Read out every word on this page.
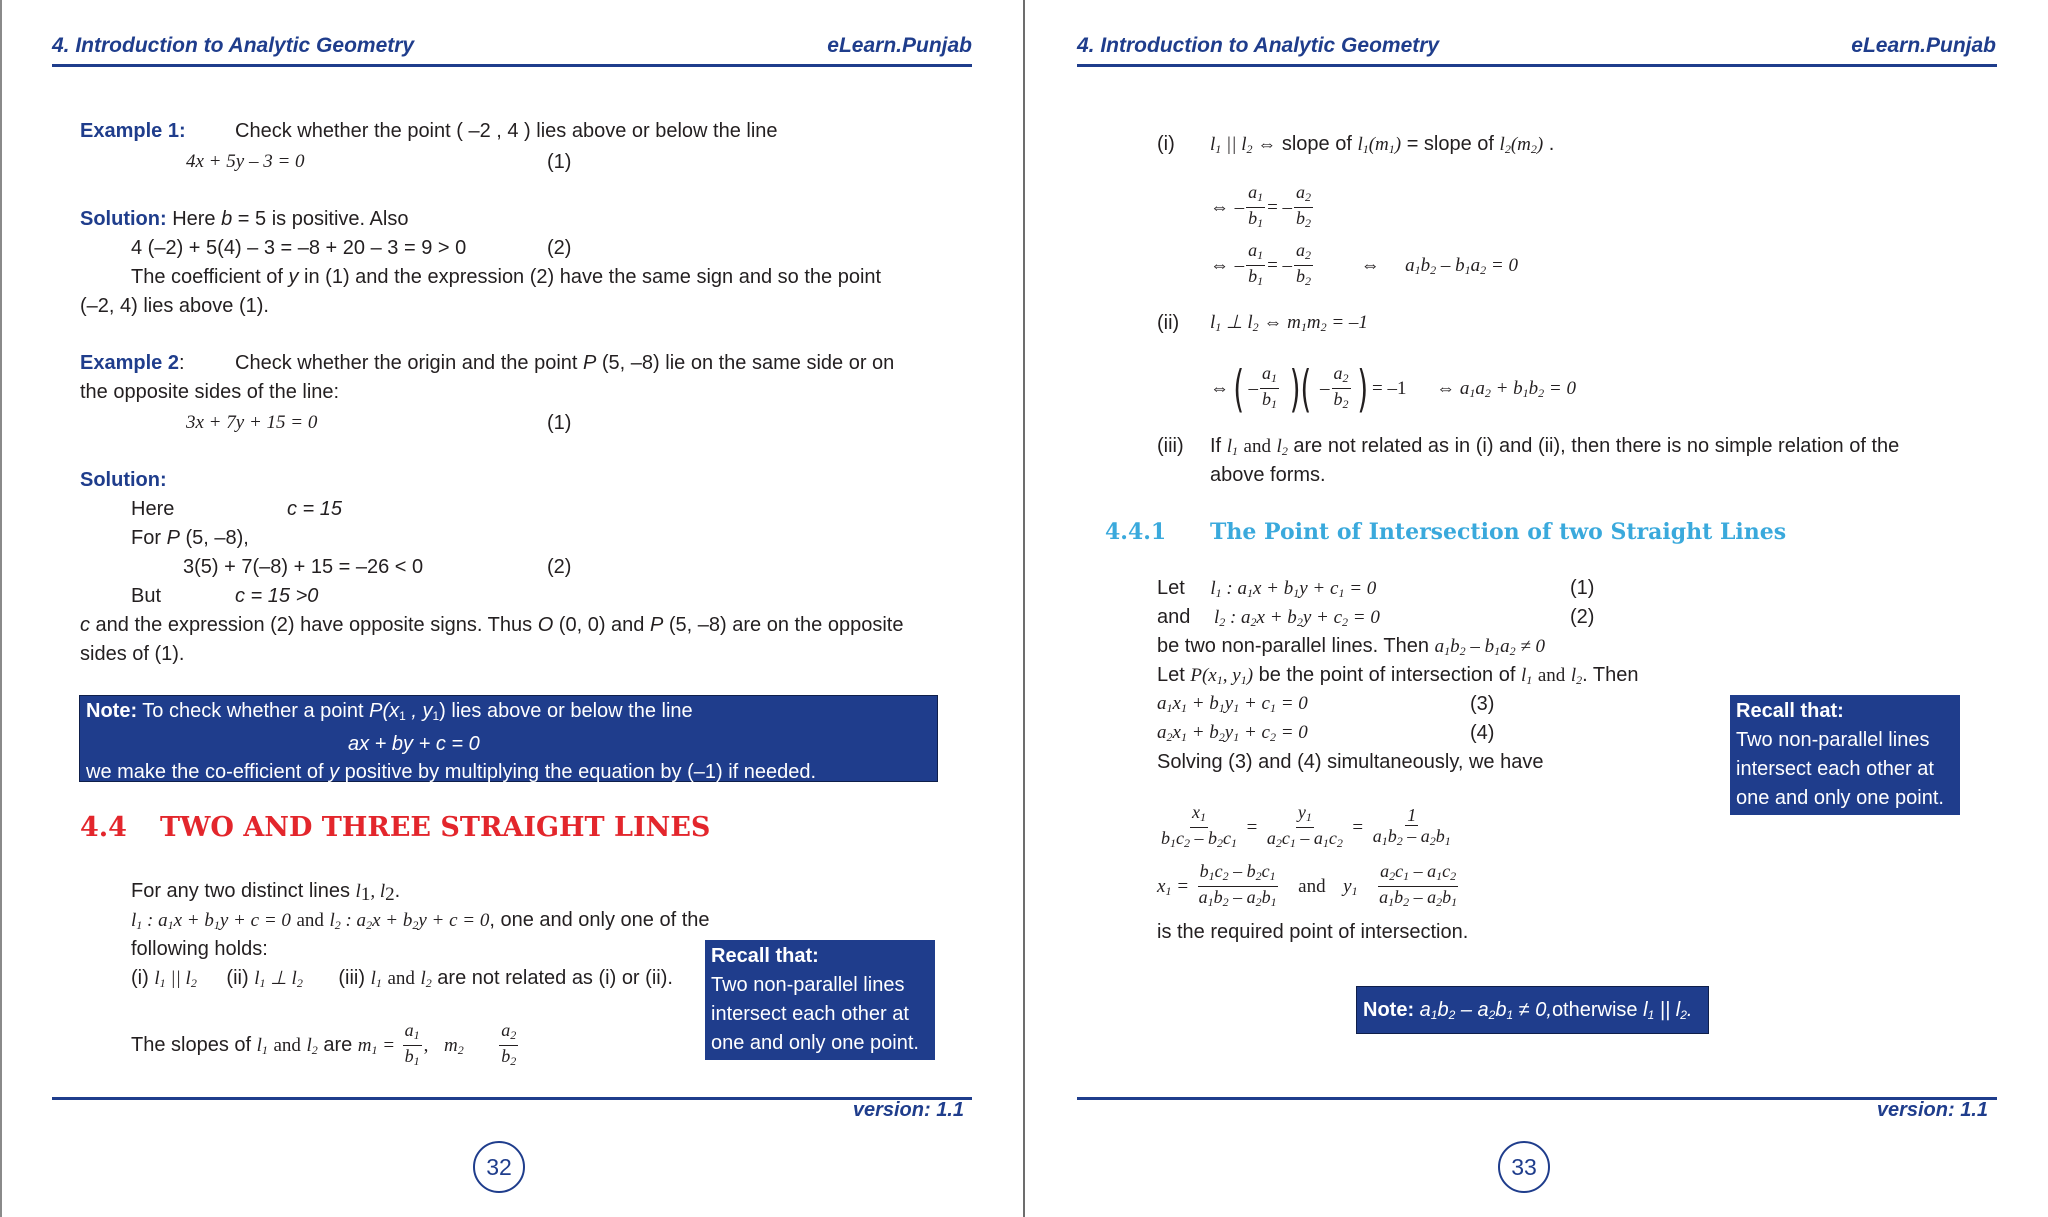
4. Introduction to Analytic Geometry	eLearn.Punjab
Example 1: Check whether the point ( –2 , 4 ) lies above or below the line
4x + 5y – 3 = 0	(1)
Solution: Here b = 5 is positive. Also
4 (–2) + 5(4) – 3 = –8 + 20 – 3 = 9 > 0	(2)
The coefficient of y in (1) and the expression (2) have the same sign and so the point
(–2, 4) lies above (1).
Example 2:	Check whether the origin and the point P (5, –8) lie on the same side or on
the opposite sides of the line:
3x + 7y + 15 = 0	(1)
Solution:
Here	c = 15
For P (5, –8),
3(5) + 7(–8) + 15 = –26 < 0	(2)
But	c = 15 >0
c and the expression (2) have opposite signs. Thus O (0, 0) and P (5, –8) are on the opposite
sides of (1).
Note: To check whether a point $P(x_1$ , $y_1$) lies above or below the line
ax + by + c = 0
we make the co-efficient of y positive by multiplying the equation by (–1) if needed.
4.4 TWO AND THREE STRAIGHT LINES
For any two distinct lines $l_1$, $l_2$.
$l_1$ : $a_1x + b_1y + c = 0$ and $l_2$ : $a_2x + b_2y + c = 0$, one and only one of the
following holds:
(i) $l_1$ || $l_2$ (ii) $l_1$ ⊥ $l_2$ (iii) $l_1$ and $l_2$ are not related as (i) or (ii).
The slopes of $l_1$ and $l_2$ are $m_1 = \frac{a_1}{b_1}$ , $m_2 \frac{a_2}{b_2}$
Recall that:
Two non-parallel lines
intersect each other at
one and only one point.
version: 1.1
32
4. Introduction to Analytic Geometry	eLearn.Punjab
(i) $l_1$ || $l_2$ ⇔ slope of $l_1(m_1)$ = slope of $l_2(m_2)$ .
⇔ – $\frac{a_1}{b_1}$ = – $\frac{a_2}{b_2}$
⇔ – $\frac{a_1}{b_1}$ = – $\frac{a_2}{b_2}$	⇔ $a_1b_2 - b_1a_2 = 0$
(ii) $l_1$ ⊥ $l_2$ ⇔ $m_1m_2 = -1$
⇔( – $\frac{a_1}{b_1}$ )( – $\frac{a_2}{b_2}$ ) = –1 ⇔ $a_1a_2 + b_1b_2 = 0$
(iii) If $l_1$ and $l_2$ are not related as in (i) and (ii), then there is no simple relation of the
above forms.
4.4.1 The Point of Intersection of two Straight Lines
Let $l_1$ : $a_1x + b_1y + c_1 = 0$	(1)
and $l_2$ : $a_2x + b_2y + c_2 = 0$	(2)
be two non-parallel lines. Then $a_1b_2 - b_1a_2 \ne 0$
Let $P(x_1$, $y_1$) be the point of intersection of $l_1$ and $l_2$. Then
$a_1x_1 + b_1y_1 + c_1 = 0$	(3)
$a_2x_1 + b_2y_1 + c_2 = 0$	(4)
Solving (3) and (4) simultaneously, we have
$\frac{x_1}{b_1c_2 - b_2c_1} = \frac{y_1}{a_2c_1 - a_1c_2} = \frac{1}{a_1b_2 - a_2b_1}$
$x_1 = \frac{b_1c_2 - b_2c_1}{a_1b_2 - a_2b_1}$ and $y_1 \frac{a_2c_1 - a_1c_2}{a_1b_2 - a_2b_1}$
is the required point of intersection.
Recall that:
Two non-parallel lines
intersect each other at
one and only one point.
Note: $a_1b_2 - a_2b_1$ ≠ 0,otherwise $l_1$ || $l_2$.
version: 1.1
33
